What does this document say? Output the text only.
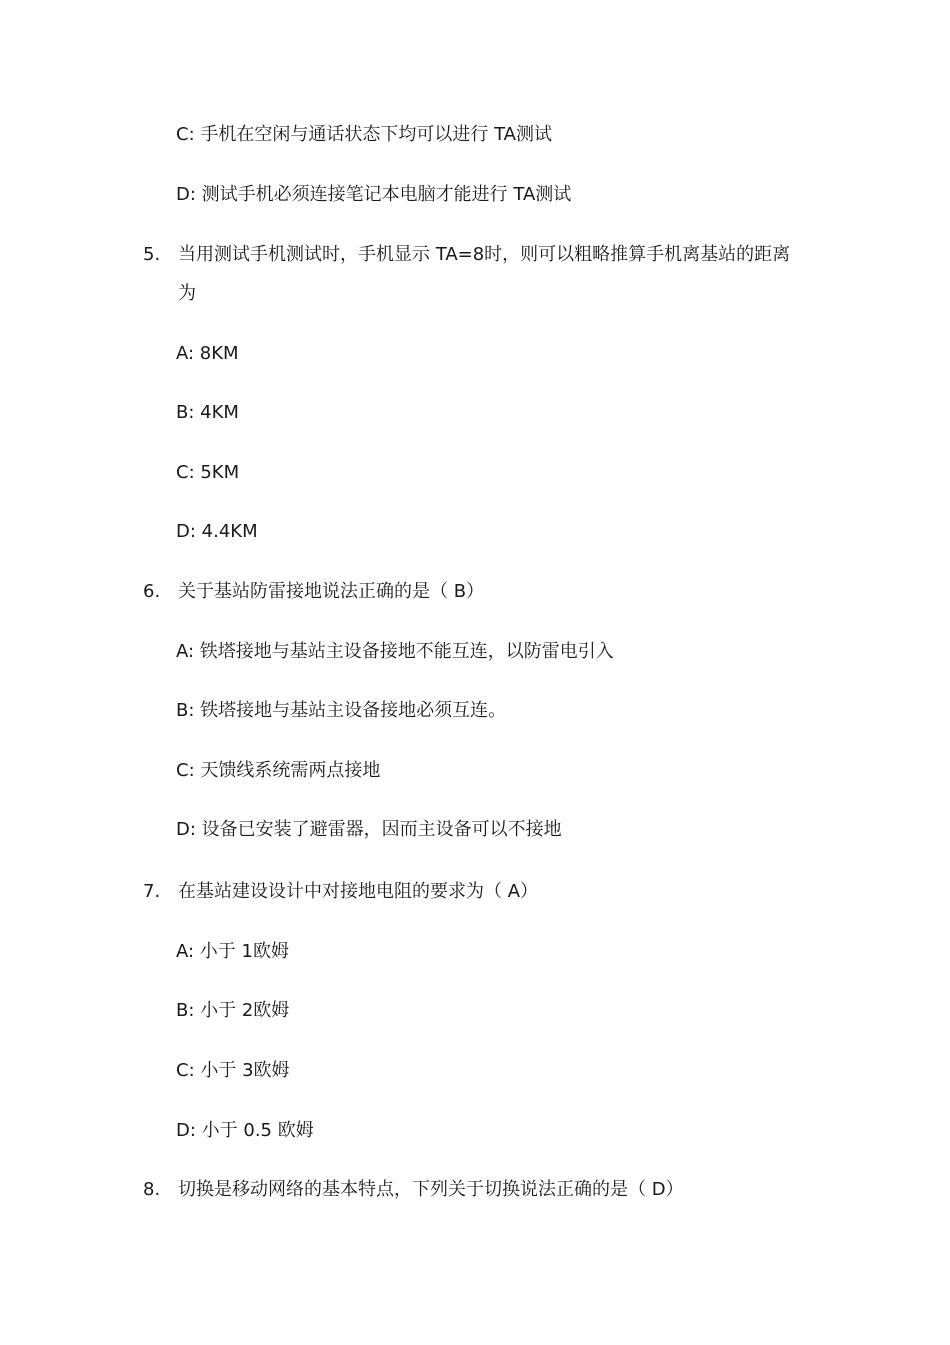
C: 手机在空闲与通话状态下均可以进行 TA测试
D: 测试手机必须连接笔记本电脑才能进行 TA测试
5. 当用测试手机测试时，手机显示 TA=8时，则可以粗略推算手机离基站的距离
为
A: 8KM
B: 4KM
C: 5KM
D: 4.4KM
6. 关于基站防雷接地说法正确的是（ B）
A: 铁塔接地与基站主设备接地不能互连，以防雷电引入
B: 铁塔接地与基站主设备接地必须互连。
C: 天馈线系统需两点接地
D: 设备已安装了避雷器，因而主设备可以不接地
7. 在基站建设设计中对接地电阻的要求为（ A）
A: 小于 1欧姆
B: 小于 2欧姆
C: 小于 3欧姆
D: 小于 0.5 欧姆
8. 切换是移动网络的基本特点，下列关于切换说法正确的是（ D）
